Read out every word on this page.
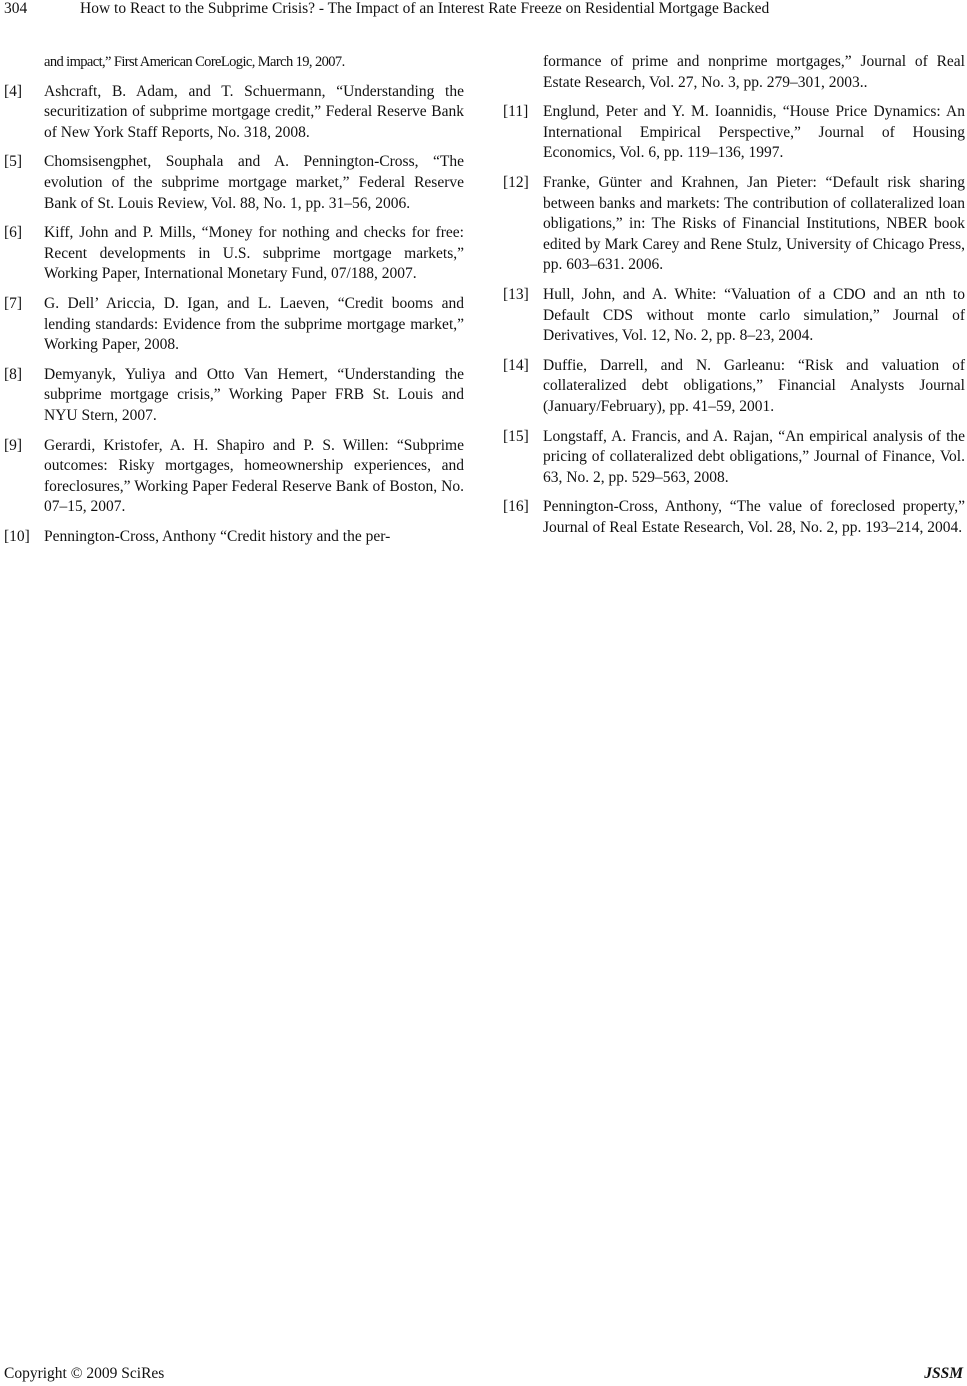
304	How to React to the Subprime Crisis? - The Impact of an Interest Rate Freeze on Residential Mortgage Backed
and impact,” First American CoreLogic, March 19, 2007.
[4] Ashcraft, B. Adam, and T. Schuermann, “Understanding the securitization of subprime mortgage credit,” Federal Reserve Bank of New York Staff Reports, No. 318, 2008.
[5] Chomsisengphet, Souphala and A. Pennington-Cross, “The evolution of the subprime mortgage market,” Federal Reserve Bank of St. Louis Review, Vol. 88, No. 1, pp. 31–56, 2006.
[6] Kiff, John and P. Mills, “Money for nothing and checks for free: Recent developments in U.S. subprime mortgage markets,” Working Paper, International Monetary Fund, 07/188, 2007.
[7] G. Dell’ Ariccia, D. Igan, and L. Laeven, “Credit booms and lending standards: Evidence from the subprime mortgage market,” Working Paper, 2008.
[8] Demyanyk, Yuliya and Otto Van Hemert, “Understanding the subprime mortgage crisis,” Working Paper FRB St. Louis and NYU Stern, 2007.
[9] Gerardi, Kristofer, A. H. Shapiro and P. S. Willen: “Subprime outcomes: Risky mortgages, homeownership experiences, and foreclosures,” Working Paper Federal Reserve Bank of Boston, No. 07–15, 2007.
[10] Pennington-Cross, Anthony “Credit history and the per-
formance of prime and nonprime mortgages,” Journal of Real Estate Research, Vol. 27, No. 3, pp. 279–301, 2003..
[11] Englund, Peter and Y. M. Ioannidis, “House Price Dynamics: An International Empirical Perspective,” Journal of Housing Economics, Vol. 6, pp. 119–136, 1997.
[12] Franke, Günter and Krahnen, Jan Pieter: “Default risk sharing between banks and markets: The contribution of collateralized loan obligations,” in: The Risks of Financial Institutions, NBER book edited by Mark Carey and Rene Stulz, University of Chicago Press, pp. 603–631. 2006.
[13] Hull, John, and A. White: “Valuation of a CDO and an nth to Default CDS without monte carlo simulation,” Journal of Derivatives, Vol. 12, No. 2, pp. 8–23, 2004.
[14] Duffie, Darrell, and N. Garleanu: “Risk and valuation of collateralized debt obligations,” Financial Analysts Journal (January/February), pp. 41–59, 2001.
[15] Longstaff, A. Francis, and A. Rajan, “An empirical analysis of the pricing of collateralized debt obligations,” Journal of Finance, Vol. 63, No. 2, pp. 529–563, 2008.
[16] Pennington-Cross, Anthony, “The value of foreclosed property,” Journal of Real Estate Research, Vol. 28, No. 2, pp. 193–214, 2004.
Copyright © 2009 SciRes	JSSM
